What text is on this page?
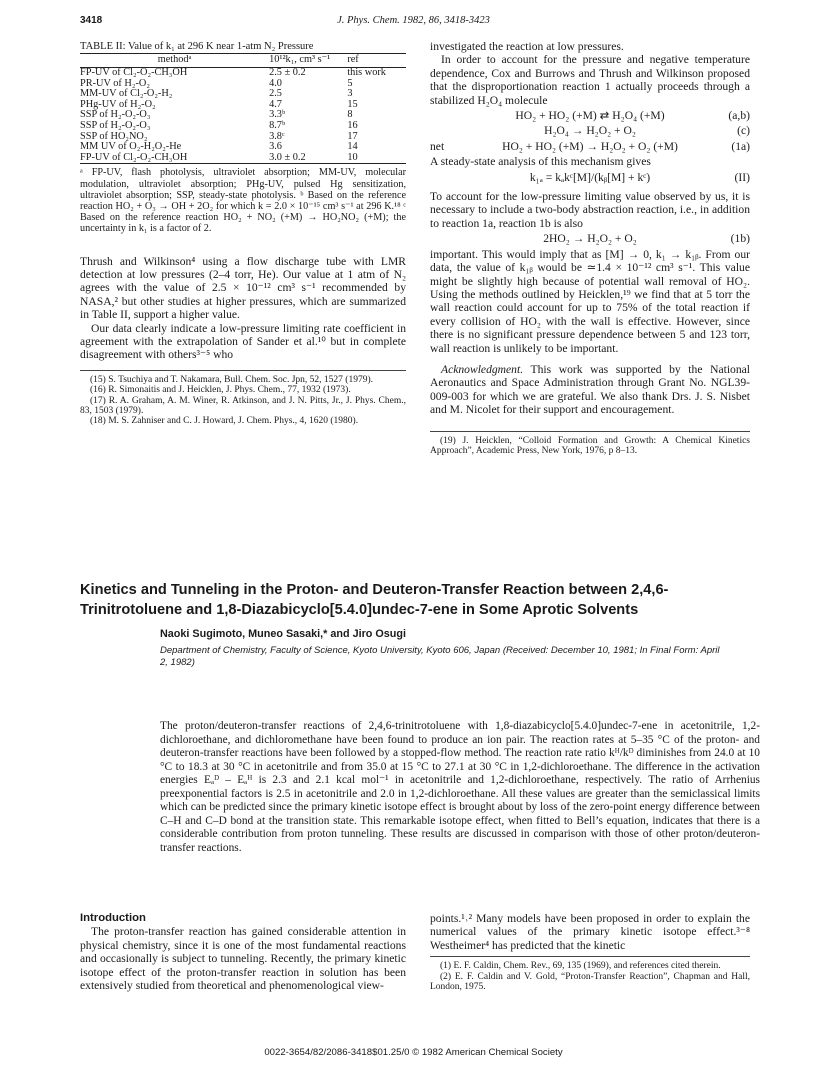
3418	J. Phys. Chem. 1982, 86, 3418-3423

TABLE II: Value of k₁ at 296 K near 1-atm N₂ Pressure

methodᵃ	10¹²k₁, cm³ s⁻¹	ref
FP-UV of Cl₂-O₂-CH₃OH	2.5 ± 0.2	this work
PR-UV of H₂-O₂	4.0	5
MM-UV of Cl₂-O₂-H₂	2.5	3
PHg-UV of H₂-O₂	4.7	15
SSP of H₂-O₂-O₃	3.3ᵇ	8
SSP of H₂-O₂-O₃	8.7ᵇ	16
SSP of HO₂NO₂	3.8ᶜ	17
MM UV of O₂-H₂O₂-He	3.6	14
FP-UV of Cl₂-O₂-CH₃OH	3.0 ± 0.2	10
ᵃ FP-UV, flash photolysis, ultraviolet absorption; MM-UV, molecular modulation, ultraviolet absorption; PHg-UV, pulsed Hg sensitization, ultraviolet absorption; SSP, steady-state photolysis. ᵇ Based on the reference reaction HO₂ + O₃ → OH + 2O₂ for which k = 2.0 × 10⁻¹⁵ cm³ s⁻¹ at 296 K.¹⁸ ᶜ Based on the reference reaction HO₂ + NO₂ (+M) → HO₂NO₂ (+M); the uncertainty in k₁ is a factor of 2.

Thrush and Wilkinson⁴ using a flow discharge tube with LMR detection at low pressures (2–4 torr, He). Our value at 1 atm of N₂ agrees with the value of 2.5 × 10⁻¹² cm³ s⁻¹ recommended by NASA,² but other studies at higher pressures, which are summarized in Table II, support a higher value.

Our data clearly indicate a low-pressure limiting rate coefficient in agreement with the extrapolation of Sander et al.¹⁰ but in complete disagreement with others³⁻⁵ who

(15) S. Tsuchiya and T. Nakamara, Bull. Chem. Soc. Jpn, 52, 1527 (1979).
(16) R. Simonaitis and J. Heicklen, J. Phys. Chem., 77, 1932 (1973).
(17) R. A. Graham, A. M. Winer, R. Atkinson, and J. N. Pitts, Jr., J. Phys. Chem., 83, 1503 (1979).
(18) M. S. Zahniser and C. J. Howard, J. Chem. Phys., 4, 1620 (1980).

investigated the reaction at low pressures.

In order to account for the pressure and negative temperature dependence, Cox and Burrows and Thrush and Wilkinson proposed that the disproportionation reaction 1 actually proceeds through a stabilized H₂O₄ molecule

HO₂ + HO₂ (+M) ⇄ H₂O₄ (+M)	(a,b)
H₂O₄ → H₂O₂ + O₂	(c)
net	HO₂ + HO₂ (+M) → H₂O₂ + O₂ (+M)	(1a)

A steady-state analysis of this mechanism gives

k₁ₐ = kₐkᶜ[M]/(kᵦ[M] + kᶜ)	(II)

To account for the low-pressure limiting value observed by us, it is necessary to include a two-body abstraction reaction, i.e., in addition to reaction 1a, reaction 1b is also

2HO₂ → H₂O₂ + O₂	(1b)

important. This would imply that as [M] → 0, k₁ → k₁ᵦ. From our data, the value of k₁ᵦ would be ≃1.4 × 10⁻¹² cm³ s⁻¹. This value might be slightly high because of potential wall removal of HO₂. Using the methods outlined by Heicklen,¹⁹ we find that at 5 torr the wall reaction could account for up to 75% of the total reaction if every collision of HO₂ with the wall is effective. However, since there is no significant pressure dependence between 5 and 123 torr, wall reaction is unlikely to be important.

Acknowledgment. This work was supported by the National Aeronautics and Space Administration through Grant No. NGL39-009-003 for which we are grateful. We also thank Drs. J. S. Nisbet and M. Nicolet for their support and encouragement.

(19) J. Heicklen, “Colloid Formation and Growth: A Chemical Kinetics Approach”, Academic Press, New York, 1976, p 8–13.
Kinetics and Tunneling in the Proton- and Deuteron-Transfer Reaction between 2,4,6-Trinitrotoluene and 1,8-Diazabicyclo[5.4.0]undec-7-ene in Some Aprotic Solvents
Naoki Sugimoto, Muneo Sasaki,* and Jiro Osugi
Department of Chemistry, Faculty of Science, Kyoto University, Kyoto 606, Japan (Received: December 10, 1981; In Final Form: April 2, 1982)
The proton/deuteron-transfer reactions of 2,4,6-trinitrotoluene with 1,8-diazabicyclo[5.4.0]undec-7-ene in acetonitrile, 1,2-dichloroethane, and dichloromethane have been found to produce an ion pair. The reaction rates at 5–35 °C of the proton- and deuteron-transfer reactions have been followed by a stopped-flow method. The reaction rate ratio kᴴ/kᴰ diminishes from 24.0 at 10 °C to 18.3 at 30 °C in acetonitrile and from 35.0 at 15 °C to 27.1 at 30 °C in 1,2-dichloroethane. The difference in the activation energies Eₐᴰ – Eₐᴴ is 2.3 and 2.1 kcal mol⁻¹ in acetonitrile and 1,2-dichloroethane, respectively. The ratio of Arrhenius preexponential factors is 2.5 in acetonitrile and 2.0 in 1,2-dichloroethane. All these values are greater than the semiclassical limits which can be predicted since the primary kinetic isotope effect is brought about by loss of the zero-point energy difference between C–H and C–D bond at the transition state. This remarkable isotope effect, when fitted to Bell’s equation, indicates that there is a considerable contribution from proton tunneling. These results are discussed in comparison with those of other proton/deuteron-transfer reactions.
Introduction

The proton-transfer reaction has gained considerable attention in physical chemistry, since it is one of the most fundamental reactions and occasionally is subject to tunneling. Recently, the primary kinetic isotope effect of the proton-transfer reaction in solution has been extensively studied from theoretical and phenomenological view-

points.¹˒² Many models have been proposed in order to explain the numerical values of the primary kinetic isotope effect.³⁻⁸ Westheimer⁴ has predicted that the kinetic

(1) E. F. Caldin, Chem. Rev., 69, 135 (1969), and references cited therein.
(2) E. F. Caldin and V. Gold, “Proton-Transfer Reaction”, Chapman and Hall, London, 1975.
0022-3654/82/2086-3418$01.25/0 © 1982 American Chemical Society
